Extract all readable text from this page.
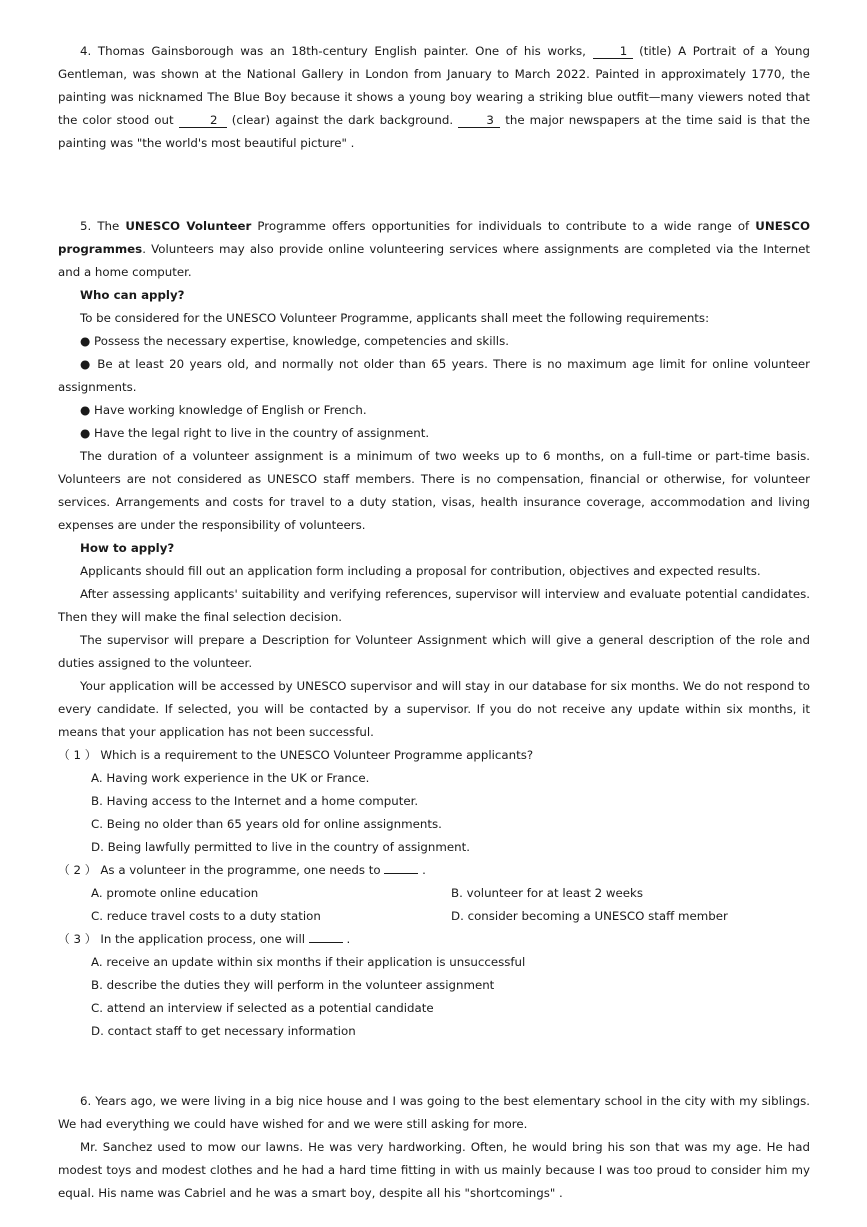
4. Thomas Gainsborough was an 18th-century English painter. One of his works, 1 (title) A Portrait of a Young Gentleman, was shown at the National Gallery in London from January to March 2022. Painted in approximately 1770, the painting was nicknamed The Blue Boy because it shows a young boy wearing a striking blue outfit—many viewers noted that the color stood out	2 (clear) against the dark background. 3 the major newspapers at the time said is that the painting was "the world's most beautiful picture" .

5. The UNESCO Volunteer Programme offers opportunities for individuals to contribute to a wide range of UNESCO programmes. Volunteers may also provide online volunteering services where assignments are completed via the Internet and a home computer.

Who can apply?

To be considered for the UNESCO Volunteer Programme, applicants shall meet the following requirements:

● Possess the necessary expertise, knowledge, competencies and skills.

● Be at least 20 years old, and normally not older than 65 years. There is no maximum age limit for online volunteer assignments.

● Have working knowledge of English or French.

● Have the legal right to live in the country of assignment.

The duration of a volunteer assignment is a minimum of two weeks up to 6 months, on a full-time or part-time basis. Volunteers are not considered as UNESCO staff members. There is no compensation, financial or otherwise, for volunteer services. Arrangements and costs for travel to a duty station, visas, health insurance coverage, accommodation and living expenses are under the responsibility of volunteers.

How to apply?

Applicants should fill out an application form including a proposal for contribution, objectives and expected results.

After assessing applicants' suitability and verifying references, supervisor will interview and evaluate potential candidates. Then they will make the final selection decision.

The supervisor will prepare a Description for Volunteer Assignment which will give a general description of the role and duties assigned to the volunteer.

Your application will be accessed by UNESCO supervisor and will stay in our database for six months. We do not respond to every candidate. If selected, you will be contacted by a supervisor. If you do not receive any update within six months, it means that your application has not been successful.

（ 1 ） Which is a requirement to the UNESCO Volunteer Programme applicants?
A. Having work experience in the UK or France.
B. Having access to the Internet and a home computer.
C. Being no older than 65 years old for online assignments.
D. Being lawfully permitted to live in the country of assignment.
（ 2 ） As a volunteer in the programme, one needs to	.
A. promote online education	B. volunteer for at least 2 weeks
C. reduce travel costs to a duty station	D. consider becoming a UNESCO staff member
（ 3 ） In the application process, one will	.
A. receive an update within six months if their application is unsuccessful
B. describe the duties they will perform in the volunteer assignment
C. attend an interview if selected as a potential candidate
D. contact staff to get necessary information

6. Years ago, we were living in a big nice house and I was going to the best elementary school in the city with my siblings. We had everything we could have wished for and we were still asking for more.

Mr. Sanchez used to mow our lawns. He was very hardworking. Often, he would bring his son that was my age. He had modest toys and modest clothes and he had a hard time fitting in with us mainly because I was too proud to consider him my equal. His name was Cabriel and he was a smart boy, despite all his "shortcomings" .
